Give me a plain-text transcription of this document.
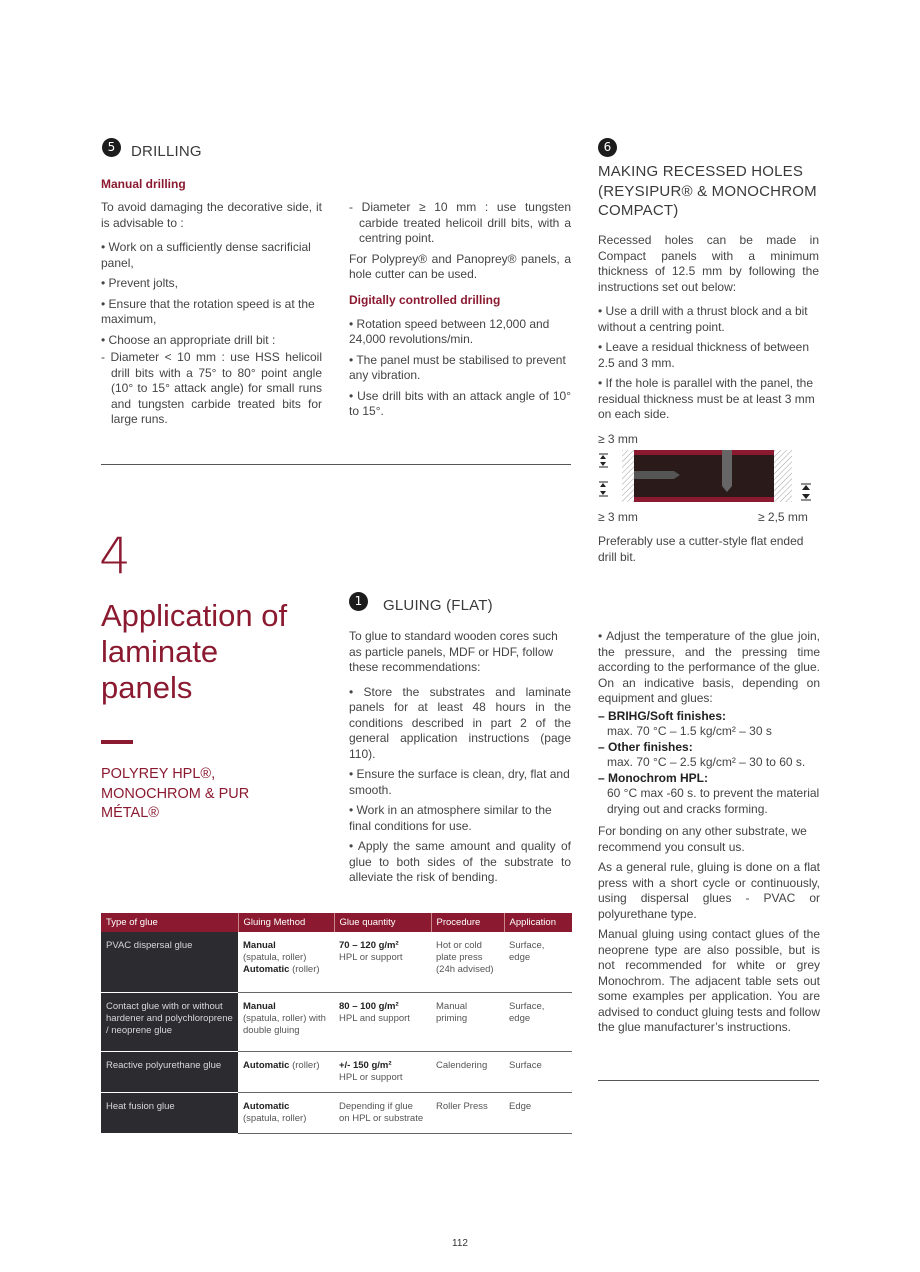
5	DRILLING
Manual drilling
To avoid damaging the decorative side, it is advisable to :
• Work on a sufficiently dense sacrificial panel,
• Prevent jolts,
• Ensure that the rotation speed is at the maximum,
• Choose an appropriate drill bit :
- Diameter < 10 mm : use HSS helicoil drill bits with a 75° to 80° point angle (10° to 15° attack angle) for small runs and tungsten carbide treated bits for large runs.
- Diameter ≥ 10 mm : use tungsten carbide treated helicoil drill bits, with a centring point.
For Polyprey® and Panoprey® panels, a hole cutter can be used.
Digitally controlled drilling
• Rotation speed between 12,000 and 24,000 revolutions/min.
• The panel must be stabilised to prevent any vibration.
• Use drill bits with an attack angle of 10° to 15°.
6
MAKING RECESSED HOLES (REYSIPUR® & MONOCHROM COMPACT)
Recessed holes can be made in Compact panels with a minimum thickness of 12.5 mm by following the instructions set out below:
• Use a drill with a thrust block and a bit without a centring point.
• Leave a residual thickness of between 2.5 and 3 mm.
• If the hole is parallel with the panel, the residual thickness must be at least 3 mm on each side.
≥ 3 mm
≥ 3 mm	≥ 2,5 mm
Preferably use a cutter-style flat ended drill bit.
4
Application of laminate panels
POLYREY HPL®, MONOCHROM & PUR MÉTAL®
1	GLUING (FLAT)
To glue to standard wooden cores such as particle panels, MDF or HDF, follow these recommendations:
• Store the substrates and laminate panels for at least 48 hours in the conditions described in part 2 of the general application instructions (page 110).
• Ensure the surface is clean, dry, flat and smooth.
• Work in an atmosphere similar to the final conditions for use.
• Apply the same amount and quality of glue to both sides of the substrate to alleviate the risk of bending.
• Adjust the temperature of the glue join, the pressure, and the pressing time according to the performance of the glue. On an indicative basis, depending on equipment and glues:
– BRIHG/Soft finishes:
max. 70 °C – 1.5 kg/cm² – 30 s
– Other finishes:
max. 70 °C – 2.5 kg/cm² – 30 to 60 s.
– Monochrom HPL:
60 °C max -60 s. to prevent the material drying out and cracks forming.
For bonding on any other substrate, we recommend you consult us.
As a general rule, gluing is done on a flat press with a short cycle or continuously, using dispersal glues - PVAC or polyurethane type.
Manual gluing using contact glues of the neoprene type are also possible, but is not recommended for white or grey Monochrom. The adjacent table sets out some examples per application. You are advised to conduct gluing tests and follow the glue manufacturer’s instructions.
Type of glue	Gluing Method	Glue quantity	Procedure	Application
PVAC dispersal glue	Manual
(spatula, roller)
Automatic (roller)	70 – 120 g/m²
HPL or support	Hot or cold plate press (24h advised)	Surface, edge
Contact glue with or without hardener and polychloroprene / neoprene glue	Manual
(spatula, roller) with double gluing	80 – 100 g/m²
HPL and support	Manual priming	Surface, edge
Reactive polyurethane glue	Automatic (roller)	+/- 150 g/m²
HPL or support	Calendering	Surface
Heat fusion glue	Automatic
(spatula, roller)	Depending if glue on HPL or substrate	Roller Press	Edge
112
